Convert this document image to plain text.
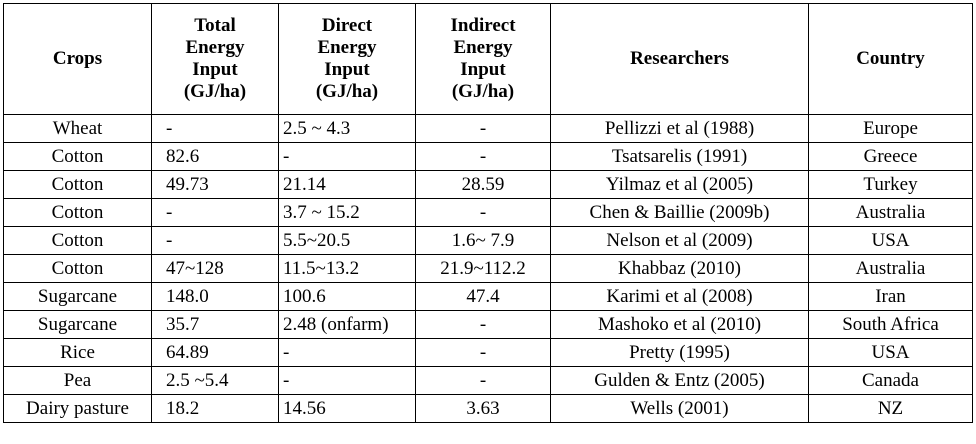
Crops	Total
Energy
Input
(GJ/ha)	Direct
Energy
Input
(GJ/ha)	Indirect
Energy
Input
(GJ/ha)	Researchers	Country
Wheat	-	2.5 ~ 4.3	-	Pellizzi et al (1988)	Europe
Cotton	82.6	-	-	Tsatsarelis (1991)	Greece
Cotton	49.73	21.14	28.59	Yilmaz et al (2005)	Turkey
Cotton	-	3.7 ~ 15.2	-	Chen & Baillie (2009b)	Australia
Cotton	-	5.5~20.5	1.6~ 7.9	Nelson et al (2009)	USA
Cotton	47~128	11.5~13.2	21.9~112.2	Khabbaz (2010)	Australia
Sugarcane	148.0	100.6	47.4	Karimi et al (2008)	Iran
Sugarcane	35.7	2.48 (onfarm)	-	Mashoko et al (2010)	South Africa
Rice	64.89	-	-	Pretty (1995)	USA
Pea	2.5 ~5.4	-	-	Gulden & Entz (2005)	Canada
Dairy pasture	18.2	14.56	3.63	Wells (2001)	NZ
